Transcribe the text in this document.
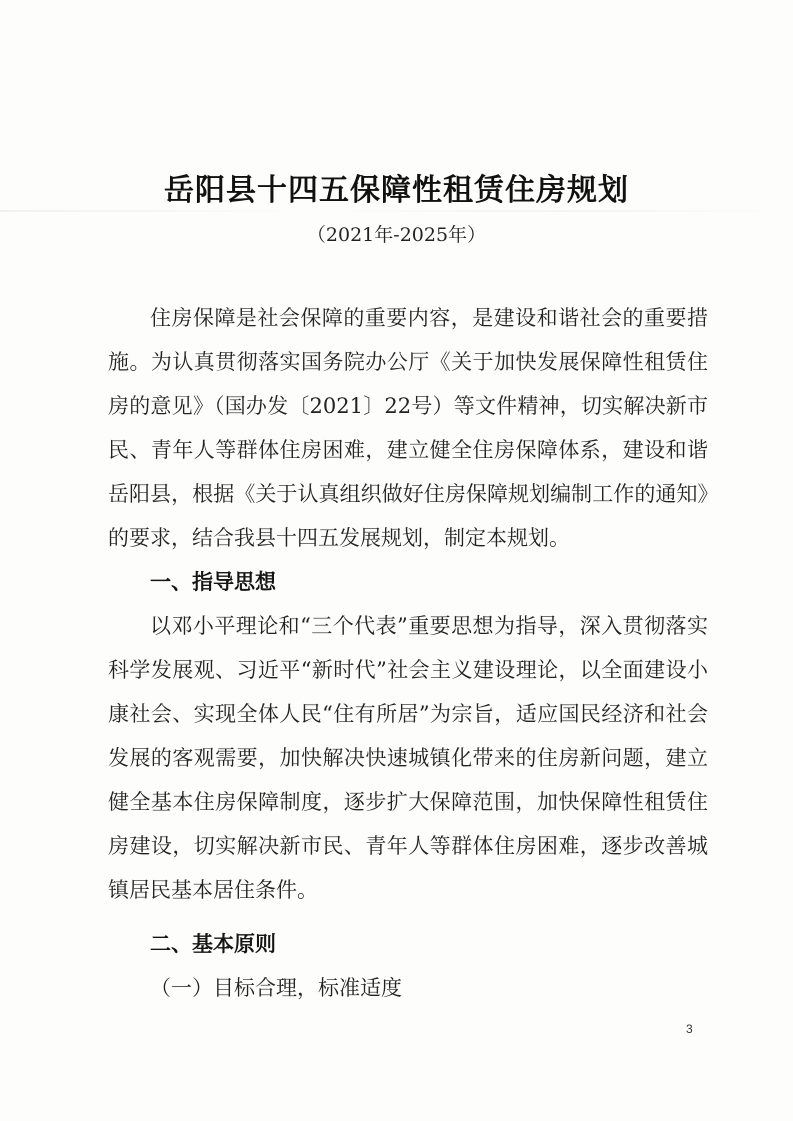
岳阳县十四五保障性租赁住房规划
（2021年-2025年）

住房保障是社会保障的重要内容，是建设和谐社会的重要措施。为认真贯彻落实国务院办公厅《关于加快发展保障性租赁住房的意见》（国办发〔2021〕22号）等文件精神，切实解决新市民、青年人等群体住房困难，建立健全住房保障体系，建设和谐岳阳县，根据《关于认真组织做好住房保障规划编制工作的通知》的要求，结合我县十四五发展规划，制定本规划。

一、指导思想

以邓小平理论和“三个代表”重要思想为指导，深入贯彻落实科学发展观、习近平“新时代”社会主义建设理论，以全面建设小康社会、实现全体人民“住有所居”为宗旨，适应国民经济和社会发展的客观需要，加快解决快速城镇化带来的住房新问题，建立健全基本住房保障制度，逐步扩大保障范围，加快保障性租赁住房建设，切实解决新市民、青年人等群体住房困难，逐步改善城镇居民基本居住条件。

二、基本原则

（一）目标合理，标准适度

3
